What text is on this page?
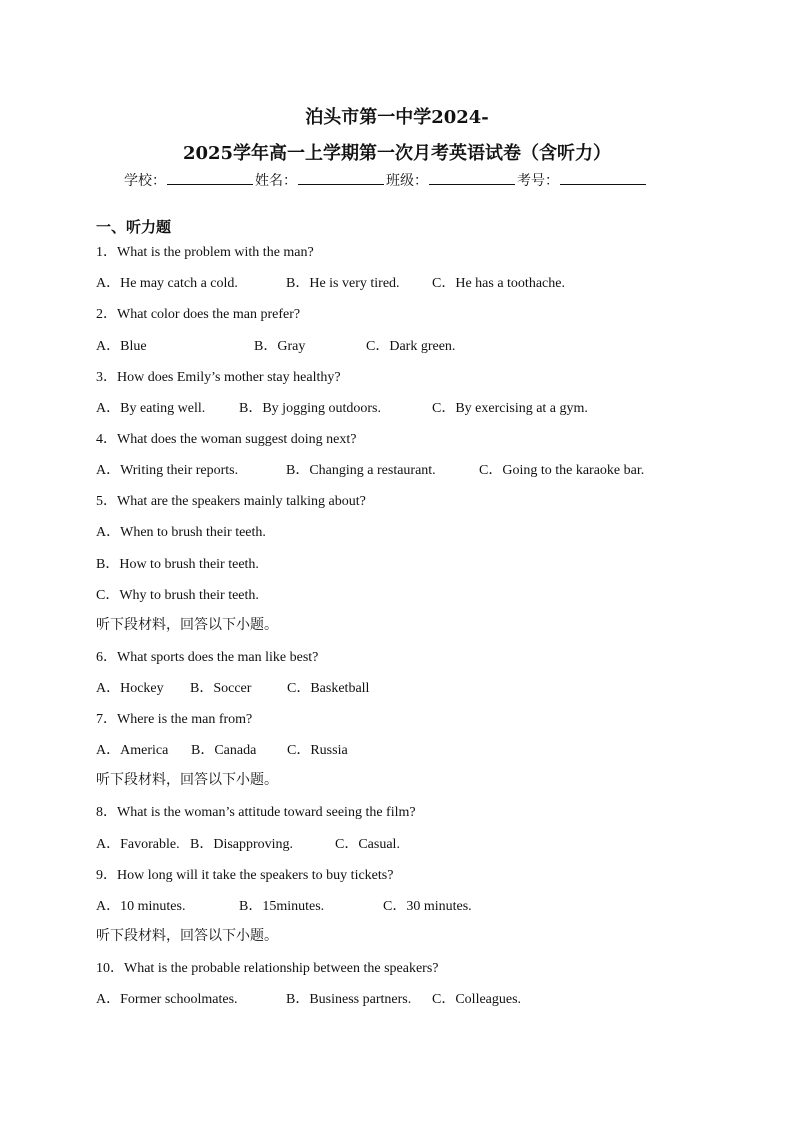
泊头市第一中学2024-
2025学年高一上学期第一次月考英语试卷（含听力）
学校：	姓名：	班级：	考号：
一、听力题
1．What is the problem with the man?
A．He may catch a cold.	B．He is very tired. C．He has a toothache.
2．What color does the man prefer?
A．Blue	B．Gray	C．Dark green.
3．How does Emily’s mother stay healthy?
A．By eating well. B．By jogging outdoors.	C．By exercising at a gym.
4．What does the woman suggest doing next?
A．Writing their reports.	B．Changing a restaurant.	C．Going to the karaoke bar.
5．What are the speakers mainly talking about?
A．When to brush their teeth.
B．How to brush their teeth.
C．Why to brush their teeth.
听下段材料，回答以下小题。
6．What sports does the man like best?
A．Hockey B．Soccer	C．Basketball
7．Where is the man from?
A．America B．Canada C．Russia
听下段材料，回答以下小题。
8．What is the woman’s attitude toward seeing the film?
A．Favorable. B．Disapproving.	C．Casual.
9．How long will it take the speakers to buy tickets?
A．10 minutes.	B．15minutes.	C．30 minutes.
听下段材料，回答以下小题。
10．What is the probable relationship between the speakers?
A．Former schoolmates.	B．Business partners. C．Colleagues.
